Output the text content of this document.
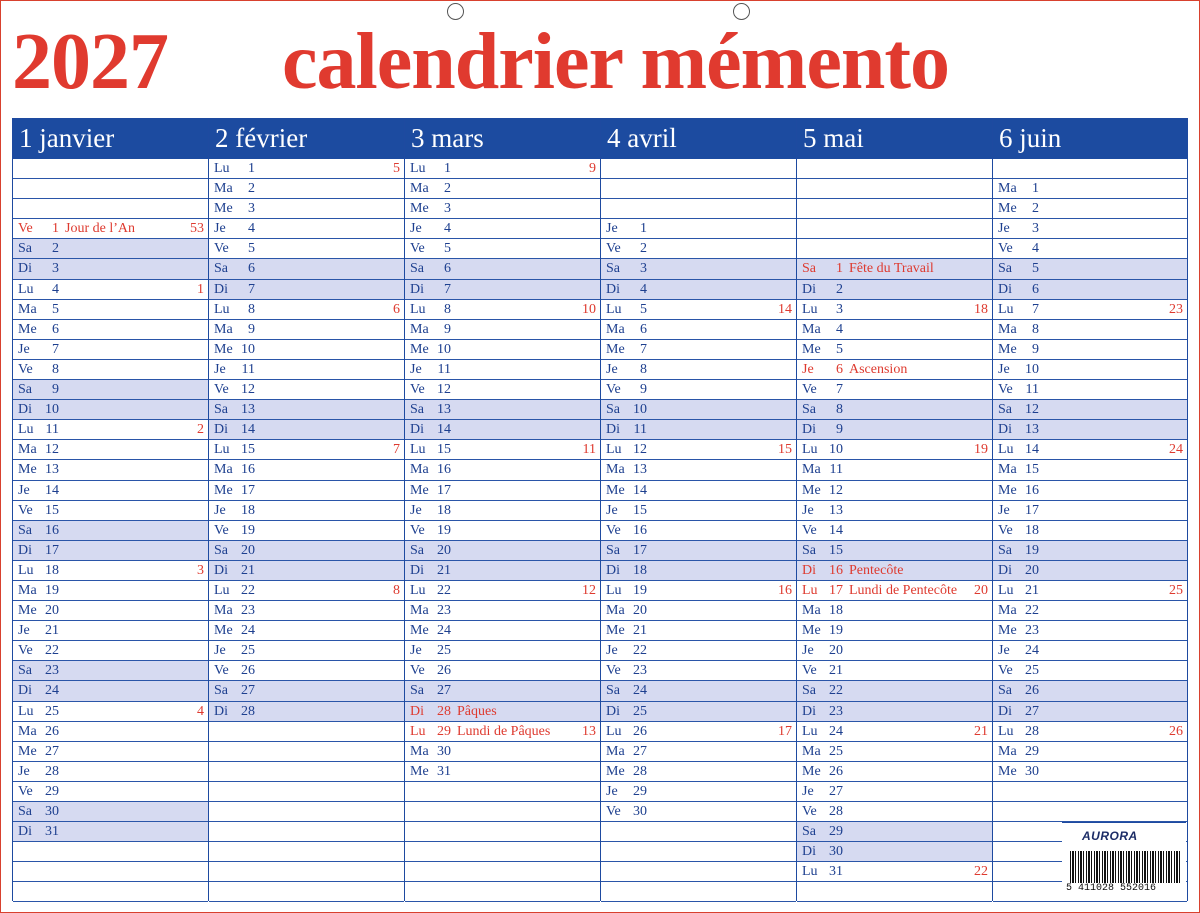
2027 calendrier mémento
1 janvier
Ve	1 Jour de l’An	53
Sa	2
Di	3
Lu	4	1
Ma	5
Me	6
Je	7
Ve	8
Sa	9
Di 10
Lu 11	2
Ma 12
Me 13
Je 14
Ve 15
Sa 16
Di 17
Lu 18	3
Ma 19
Me 20
Je 21
Ve 22
Sa 23
Di 24
Lu 25	4
Ma 26
Me 27
Je 28
Ve 29
Sa 30
Di 31
2 février
Lu	1	5
Ma	2
Me	3
Je	4
Ve	5
Sa	6
Di	7
Lu	8	6
Ma	9
Me 10
Je 11
Ve 12
Sa 13
Di 14
Lu 15	7
Ma 16
Me 17
Je 18
Ve 19
Sa 20
Di 21
Lu 22	8
Ma 23
Me 24
Je 25
Ve 26
Sa 27
Di 28
3 mars
Lu	1	9
Ma	2
Me	3
Je	4
Ve	5
Sa	6
Di	7
Lu	8	10
Ma	9
Me 10
Je 11
Ve 12
Sa 13
Di 14
Lu 15	11
Ma 16
Me 17
Je 18
Ve 19
Sa 20
Di 21
Lu 22	12
Ma 23
Me 24
Je 25
Ve 26
Sa 27
Di 28 Pâques
Lu 29 Lundi de Pâques 13
Ma 30
Me 31
4 avril
Je	1
Ve	2
Sa	3
Di	4
Lu	5	14
Ma	6
Me	7
Je	8
Ve	9
Sa 10
Di 11
Lu 12	15
Ma 13
Me 14
Je 15
Ve 16
Sa 17
Di 18
Lu 19	16
Ma 20
Me 21
Je 22
Ve 23
Sa 24
Di 25
Lu 26	17
Ma 27
Me 28
Je 29
Ve 30
5 mai
Sa	1 Fête du Travail
Di	2
Lu	3	18
Ma	4
Me	5
Je	6 Ascension
Ve	7
Sa	8
Di	9
Lu 10	19
Ma 11
Me 12
Je 13
Ve 14
Sa 15
Di 16 Pentecôte
Lu 17 Lundi de Pentecôte 20
Ma 18
Me 19
Je 20
Ve 21
Sa 22
Di 23
Lu 24	21
Ma 25
Me 26
Je 27
Ve 28
Sa 29
Di 30
Lu 31	22
6 juin
Ma	1
Me	2
Je	3
Ve	4
Sa	5
Di	6
Lu	7	23
Ma	8
Me	9
Je 10
Ve 11
Sa 12
Di 13
Lu 14	24
Ma 15
Me 16
Je 17
Ve 18
Sa 19
Di 20
Lu 21	25
Ma 22
Me 23
Je 24
Ve 25
Sa 26
Di 27
Lu 28	26
Ma 29
Me 30
AURORA
5 411028 552016
